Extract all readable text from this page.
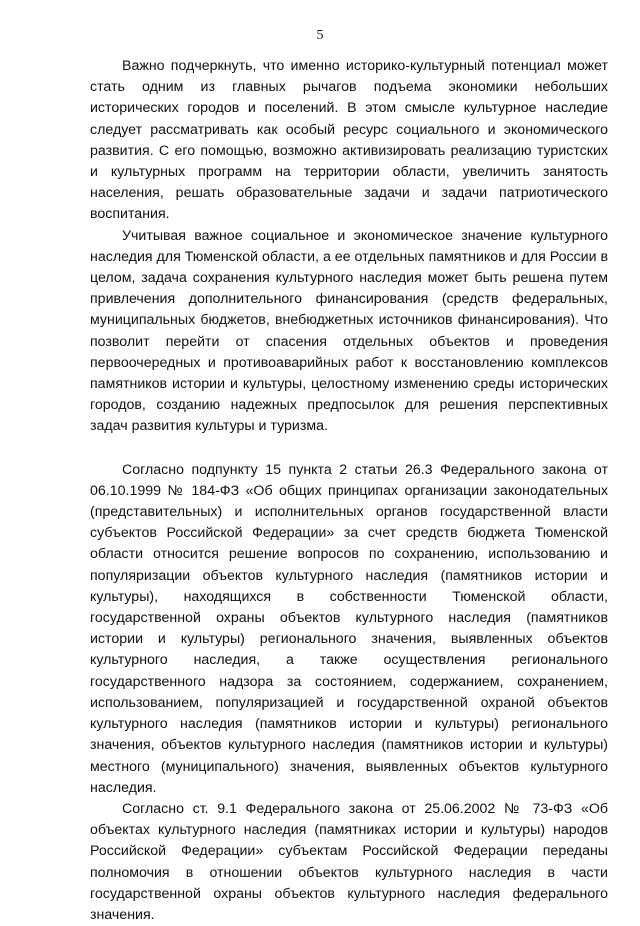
5

Важно подчеркнуть, что именно историко-культурный потенциал может стать одним из главных рычагов подъема экономики небольших исторических городов и поселений. В этом смысле культурное наследие следует рассматривать как особый ресурс социального и экономического развития. С его помощью, возможно активизировать реализацию туристских и культурных программ на территории области, увеличить занятость населения, решать образовательные задачи и задачи патриотического воспитания.

Учитывая важное социальное и экономическое значение культурного наследия для Тюменской области, а ее отдельных памятников и для России в целом, задача сохранения культурного наследия может быть решена путем привлечения дополнительного финансирования (средств федеральных, муниципальных бюджетов, внебюджетных источников финансирования). Что позволит перейти от спасения отдельных объектов и проведения первоочередных и противоаварийных работ к восстановлению комплексов памятников истории и культуры, целостному изменению среды исторических городов, созданию надежных предпосылок для решения перспективных задач развития культуры и туризма.

Согласно подпункту 15 пункта 2 статьи 26.3 Федерального закона от 06.10.1999 № 184-ФЗ «Об общих принципах организации законодательных (представительных) и исполнительных органов государственной власти субъектов Российской Федерации» за счет средств бюджета Тюменской области относится решение вопросов по сохранению, использованию и популяризации объектов культурного наследия (памятников истории и культуры), находящихся в собственности Тюменской области, государственной охраны объектов культурного наследия (памятников истории и культуры) регионального значения, выявленных объектов культурного наследия, а также осуществления регионального государственного надзора за состоянием, содержанием, сохранением, использованием, популяризацией и государственной охраной объектов культурного наследия (памятников истории и культуры) регионального значения, объектов культурного наследия (памятников истории и культуры) местного (муниципального) значения, выявленных объектов культурного наследия.

Согласно ст. 9.1 Федерального закона от 25.06.2002 № 73-ФЗ «Об объектах культурного наследия (памятниках истории и культуры) народов Российской Федерации» субъектам Российской Федерации переданы полномочия в отношении объектов культурного наследия в части государственной охраны объектов культурного наследия федерального значения.
